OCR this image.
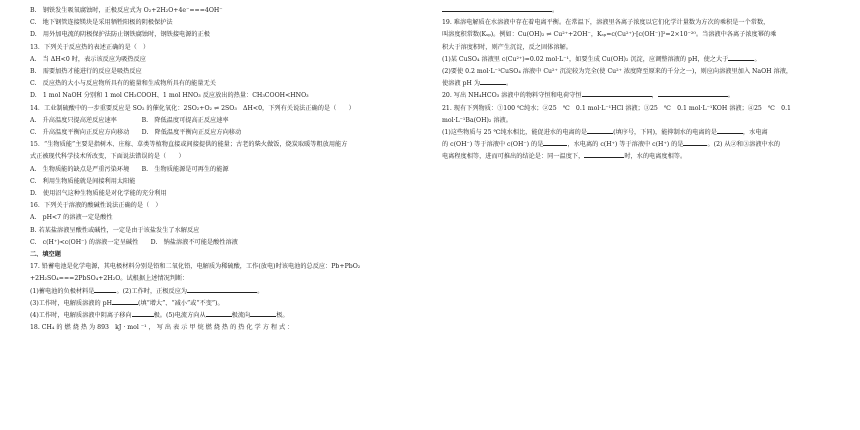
B.　钢铁发生吸氧腐蚀时，正极反应式为 O₂+2H₂O+4e⁻===4OH⁻
C.　地下钢管连接镁块是采用牺牲阳极的阴极保护法
D.　用外加电流的阴极保护法防止钢铁腐蚀时，钢铁接电源的正极
13．下列关于反应热的表述正确的是（　）
A.　当 ΔH<0 时，表示该反应为吸热反应
B.　需要加热才能进行的反应是吸热反应
C.　反应热的大小与反应物所具有的能量和生成物所具有的能量无关
D.　1 mol NaOH 分别和 1 mol CH₃COOH、1 mol HNO₃ 反应放出的热量：CH₃COOH<HNO₃
14．工业制硫酸中的一步重要反应是 SO₂ 的催化氧化：2SO₂+O₂ ⇌ 2SO₃　ΔH<0，下列有关说法正确的是（　　）
A.　升高温度只提高逆反应速率　　　　B.　降低温度可提高正反应速率
C.　升高温度平衡向正反应方向移动　　D.　降低温度平衡向正反应方向移动
15．“生物质能”主要是指树木、庄稼、草类等植物直接或间接提供的能量；古老的柴火做饭，烧炭取暖等粗放用能方
式正被现代科学技术所改变，下面说法错误的是（　　）
A.　生物质能的缺点是严重污染环境　　B.　生物质能源是可再生的能源
C.　利用生物质能就是间接利用太阳能
D.　使用沼气这种生物质能是对化学能的充分利用
16．下列关于溶液的酸碱性说法正确的是（　）
A.　pH<7 的溶液一定是酸性
B. 若某盐溶液呈酸性或碱性，一定是由于该盐发生了水解反应
C.　c(H⁺)<c(OH⁻) 的溶液一定呈碱性　　D.　钠盐溶液不可能是酸性溶液
二、填空题
17. 铅蓄电池是化学电源，其电极材料分别是铅和二氧化铅，电解质为稀硫酸，工作(放电)时该电池的总反应：Pb+PbO₂
+2H₂SO₄===2PbSO₄+2H₂O。试根据上述情况判断：
(1)蓄电池的负极材料是	。(2)工作时，正极反应为	。
(3)工作时，电解质溶液的 pH	(填“增大”、“减小”或“不变”)。
(4)工作时，电解质溶液中阴离子移向	极。(5)电流方向从	极流向	极。
18. CH₄ 的 燃 烧 热 为 893　kJ · mol ⁻¹ ， 写 出 表 示 甲 烷 燃 烧 热 的 热 化 学 方 程 式 ：
。
19. 难溶电解质在水溶液中存在着电离平衡。在常温下，溶液里各离子浓度以它们化学计量数为方次的乘积是一个常数，
叫溶度积常数(Kₛₚ)。例如：Cu(OH)₂ ⇌ Cu²⁺+2OH⁻，Kₛₚ=c(Cu²⁺)·[c(OH⁻)]²=2×10⁻²⁰。当溶液中各离子浓度幂的乘
积大于溶度积时，则产生沉淀，反之固体溶解。
(1)某 CuSO₄ 溶液里 c(Cu²⁺)=0.02 mol·L⁻¹，如要生成 Cu(OH)₂ 沉淀，应调整溶液的 pH，使之大于	。
(2)要使 0.2 mol·L⁻¹CuSO₄ 溶液中 Cu²⁺ 沉淀较为完全(使 Cu²⁺ 浓度降至原来的千分之一)，则应向溶液里加入 NaOH 溶液，
使溶液 pH 为	。
20. 写出 NH₄HCO₃ 溶液中的物料守恒和电荷守恒	，	。
21. 现有下列物质：①100 ℃纯水；②25　℃　0.1 mol·L⁻¹HCl 溶液；③25　℃　0.1 mol·L⁻¹KOH 溶液；④25　℃　0.1
mol·L⁻¹Ba(OH)₂ 溶液。
(1)这些物质与 25 ℃纯水相比，能促进水的电离的是	(填序号，下同)，能抑制水的电离的是	，水电离
的 c(OH⁻) 等于溶液中 c(OH⁻) 的是	，水电离的 c(H⁺) 等于溶液中 c(H⁺) 的是	。(2) 从②和③溶液中水的
电离程度相等，进而可推出的结论是：同一温度下，	时，水的电离度相等。
